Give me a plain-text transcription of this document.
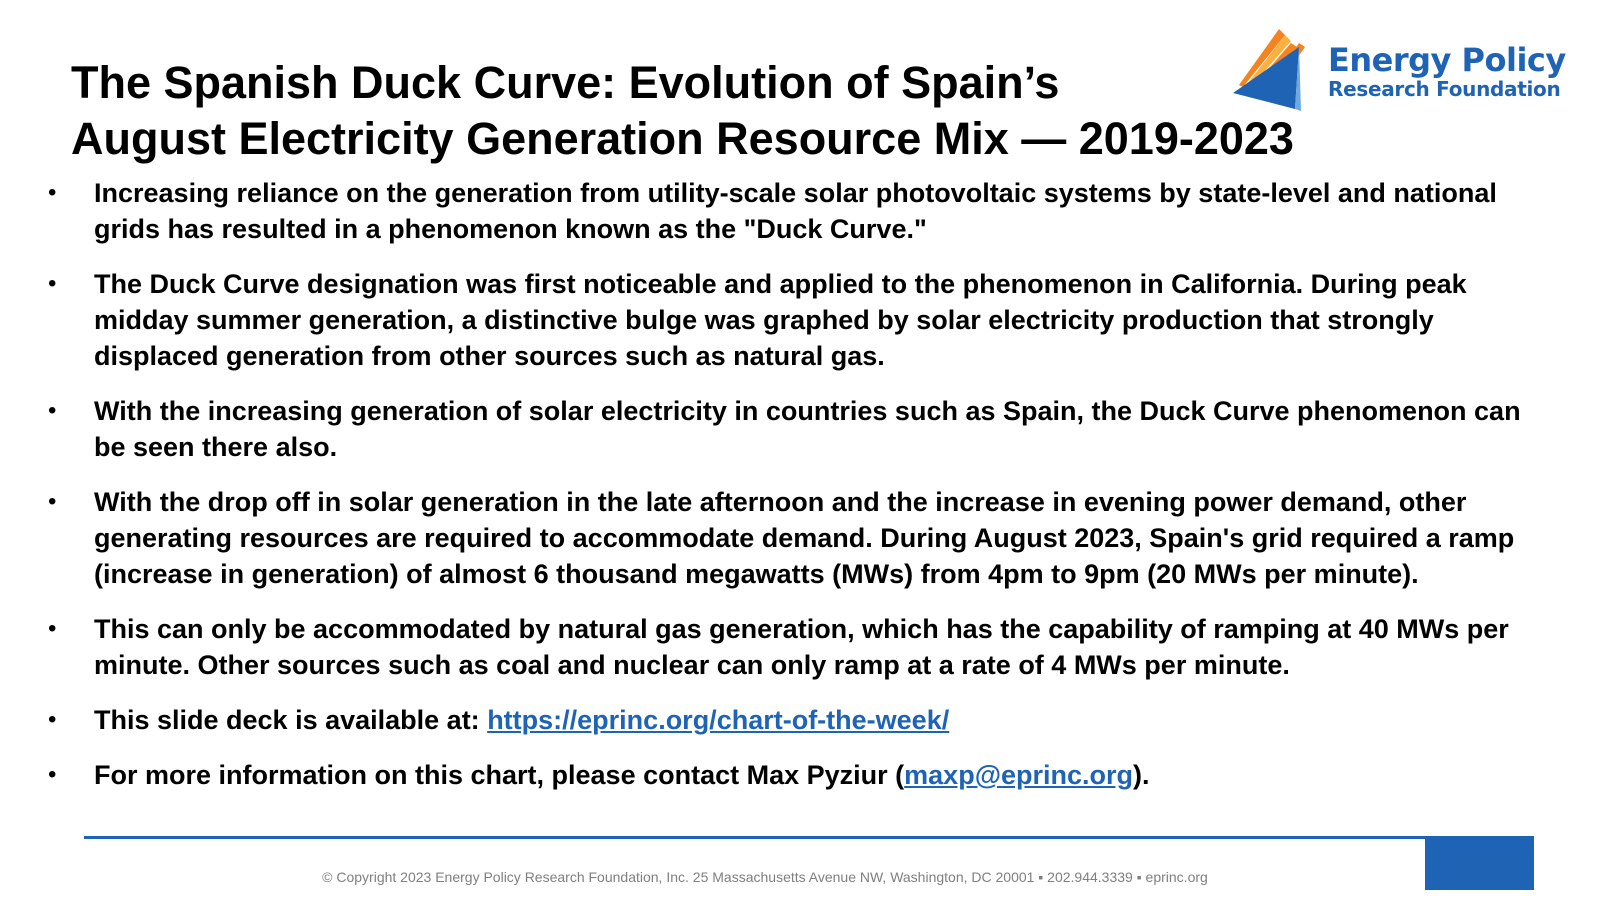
The Spanish Duck Curve: Evolution of Spain’s
August Electricity Generation Resource Mix — 2019-2023
Energy Policy
Research Foundation
• Increasing reliance on the generation from utility-scale solar photovoltaic systems by state-level and national grids has resulted in a phenomenon known as the "Duck Curve."
• The Duck Curve designation was first noticeable and applied to the phenomenon in California. During peak midday summer generation, a distinctive bulge was graphed by solar electricity production that strongly displaced generation from other sources such as natural gas.
• With the increasing generation of solar electricity in countries such as Spain, the Duck Curve phenomenon can be seen there also.
• With the drop off in solar generation in the late afternoon and the increase in evening power demand, other generating resources are required to accommodate demand. During August 2023, Spain's grid required a ramp (increase in generation) of almost 6 thousand megawatts (MWs) from 4pm to 9pm (20 MWs per minute).
• This can only be accommodated by natural gas generation, which has the capability of ramping at 40 MWs per minute. Other sources such as coal and nuclear can only ramp at a rate of 4 MWs per minute.
• This slide deck is available at: https://eprinc.org/chart-of-the-week/
• For more information on this chart, please contact Max Pyziur (maxp@eprinc.org).
© Copyright 2023 Energy Policy Research Foundation, Inc. 25 Massachusetts Avenue NW, Washington, DC 20001 ▪ 202.944.3339 ▪ eprinc.org
